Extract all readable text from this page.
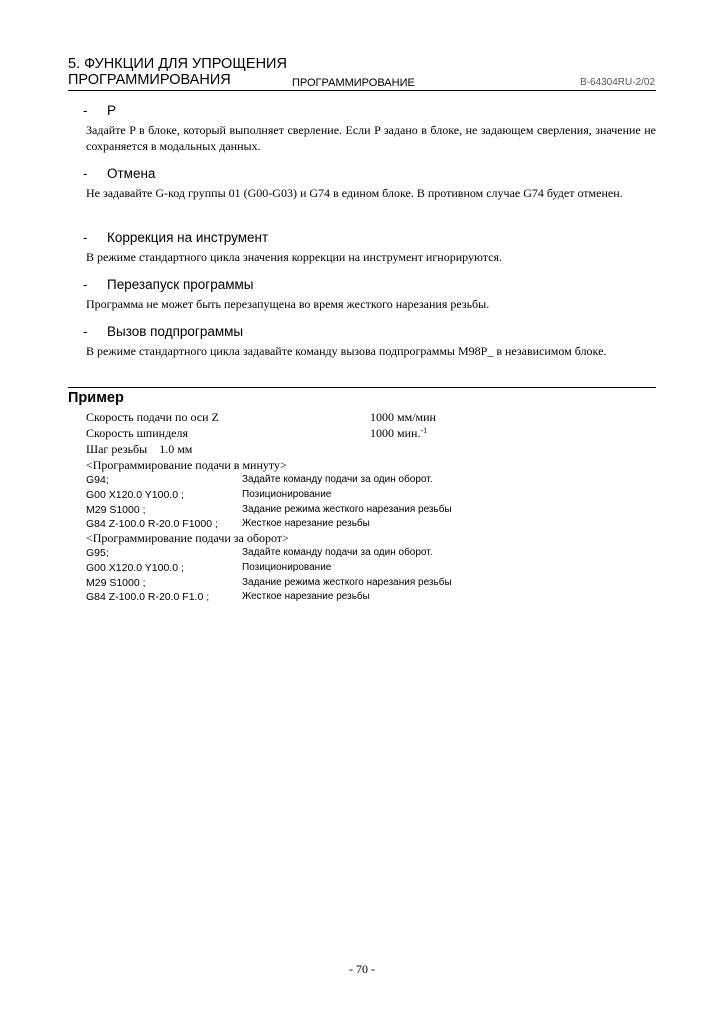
5. ФУНКЦИИ ДЛЯ УПРОЩЕНИЯ
ПРОГРАММИРОВАНИЯ	ПРОГРАММИРОВАНИЕ	B-64304RU-2/02
- P
Задайте P в блоке, который выполняет сверление. Если P задано в блоке, не задающем сверления, значение не сохраняется в модальных данных.
- Отмена
Не задавайте G-код группы 01 (G00-G03) и G74 в едином блоке. В противном случае G74 будет отменен.
- Коррекция на инструмент
В режиме стандартного цикла значения коррекции на инструмент игнорируются.
- Перезапуск программы
Программа не может быть перезапущена во время жесткого нарезания резьбы.
- Вызов подпрограммы
В режиме стандартного цикла задавайте команду вызова подпрограммы M98P_ в независимом блоке.
Пример
Скорость подачи по оси Z	1000 мм/мин
Скорость шпинделя	1000 мин.$^{-1}$
Шаг резьбы    1.0 мм
<Программирование подачи в минуту>
G94;	Задайте команду подачи за один оборот.
G00 X120.0 Y100.0 ;	Позиционирование
M29 S1000 ;	Задание режима жесткого нарезания резьбы
G84 Z-100.0 R-20.0 F1000 ; Жесткое нарезание резьбы
<Программирование подачи за оборот>
G95;	Задайте команду подачи за один оборот.
G00 X120.0 Y100.0 ;	Позиционирование
M29 S1000 ;	Задание режима жесткого нарезания резьбы
G84 Z-100.0 R-20.0 F1.0 ;	Жесткое нарезание резьбы
- 70 -
